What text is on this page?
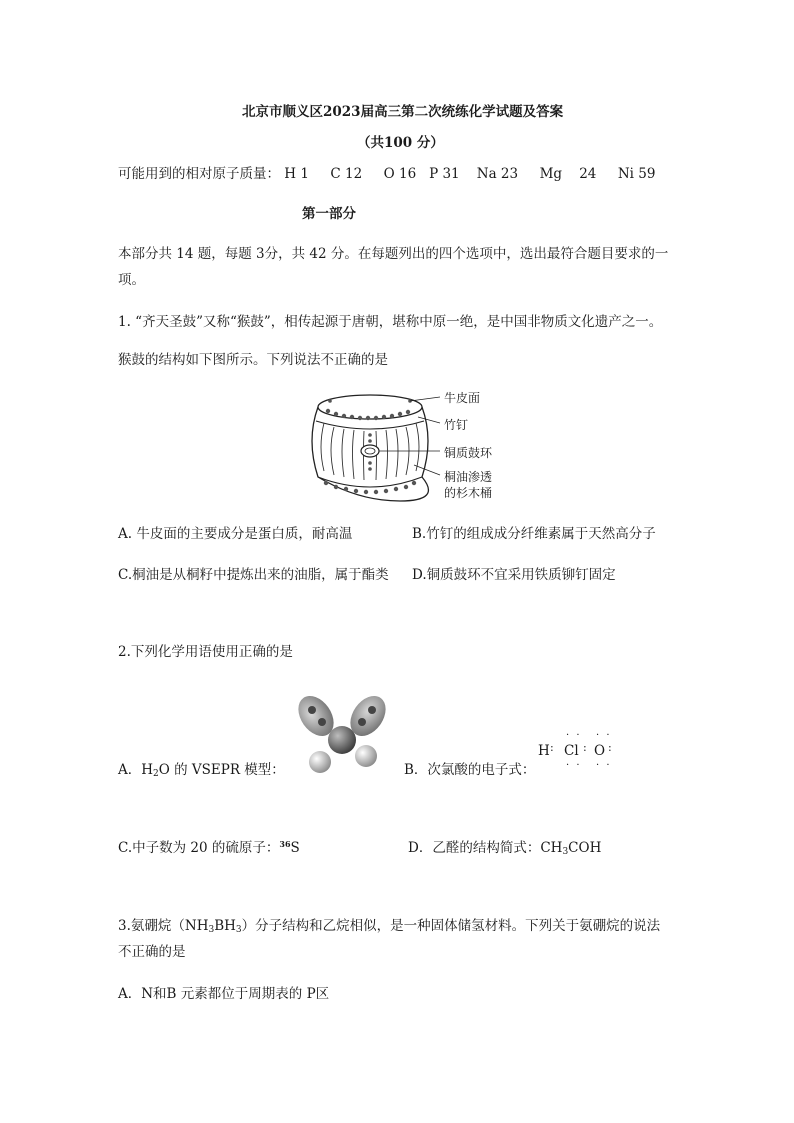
北京市顺义区2023届高三第二次统练化学试题及答案
（共100 分）
可能用到的相对原子质量： H 1     C 12     O 16   P 31    Na 23     Mg    24     Ni 59
第一部分
本部分共 14 题，每题 3分，共 42 分。在每题列出的四个选项中，选出最符合题目要求的一
项。
1. “齐天圣鼓”又称“猴鼓”，相传起源于唐朝，堪称中原一绝，是中国非物质文化遗产之一。
猴鼓的结构如下图所示。下列说法不正确的是
牛皮面
竹钉
铜质鼓环
桐油渗透
的杉木桶
A. 牛皮面的主要成分是蛋白质，耐高温	B.竹钉的组成成分纤维素属于天然高分子
C.桐油是从桐籽中提炼出来的油脂，属于酯类 D.铜质鼓环不宜采用铁质铆钉固定
2.下列化学用语使用正确的是
A．$H_2O$ 的 VSEPR 模型：	B．次氯酸的电子式：
· · · ·
H : Cl : O :
· · · ·
C.中子数为 20 的硫原子：$^{36}$S	D．乙醛的结构简式：$CH_3COH$
3.氨硼烷$(NH_3BH_3)$分子结构和乙烷相似，是一种固体储氢材料。下列关于氨硼烷的说法
不正确的是
A．N和B 元素都位于周期表的 P区
